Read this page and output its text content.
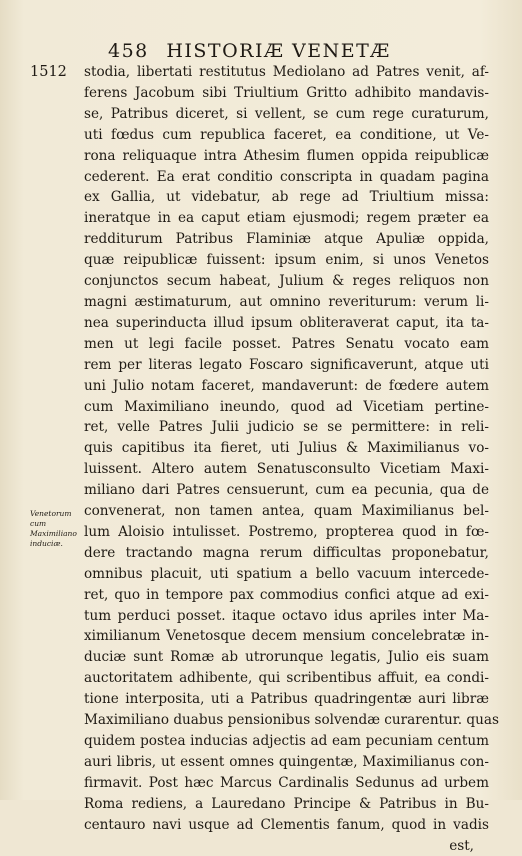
458 HISTORIÆ VENETÆ
1512
Venetorum cum Maximiliano induciæ.
stodia, libertati restitutus Mediolano ad Patres venit, af-
ferens Jacobum sibi Triultium Gritto adhibito mandavis-
se, Patribus diceret, si vellent, se cum rege curaturum,
uti fœdus cum republica faceret, ea conditione, ut Ve-
rona reliquaque intra Athesim flumen oppida reipublicæ
cederent. Ea erat conditio conscripta in quadam pagina
ex Gallia, ut videbatur, ab rege ad Triultium missa:
ineratque in ea caput etiam ejusmodi; regem præter ea
redditurum Patribus Flaminiæ atque Apuliæ oppida,
quæ reipublicæ fuissent: ipsum enim, si unos Venetos
conjunctos secum habeat, Julium & reges reliquos non
magni æstimaturum, aut omnino reveriturum: verum li-
nea superinducta illud ipsum obliteraverat caput, ita ta-
men ut legi facile posset. Patres Senatu vocato eam
rem per literas legato Foscaro significaverunt, atque uti
uni Julio notam faceret, mandaverunt: de fœdere autem
cum Maximiliano ineundo, quod ad Vicetiam pertine-
ret, velle Patres Julii judicio se se permittere: in reli-
quis capitibus ita fieret, uti Julius & Maximilianus vo-
luissent. Altero autem Senatusconsulto Vicetiam Maxi-
miliano dari Patres censuerunt, cum ea pecunia, qua de
convenerat, non tamen antea, quam Maximilianus bel-
lum Aloisio intulisset. Postremo, propterea quod in fœ-
dere tractando magna rerum difficultas proponebatur,
omnibus placuit, uti spatium a bello vacuum intercede-
ret, quo in tempore pax commodius confici atque ad exi-
tum perduci posset. itaque octavo idus apriles inter Ma-
ximilianum Venetosque decem mensium concelebratæ in-
duciæ sunt Romæ ab utrorunque legatis, Julio eis suam
auctoritatem adhibente, qui scribentibus affuit, ea condi-
tione interposita, uti a Patribus quadringentæ auri libræ
Maximiliano duabus pensionibus solvendæ curarentur. quas
quidem postea inducias adjectis ad eam pecuniam centum
auri libris, ut essent omnes quingentæ, Maximilianus con-
firmavit. Post hæc Marcus Cardinalis Sedunus ad urbem
Roma rediens, a Lauredano Principe & Patribus in Bu-
centauro navi usque ad Clementis fanum, quod in vadis
est,
